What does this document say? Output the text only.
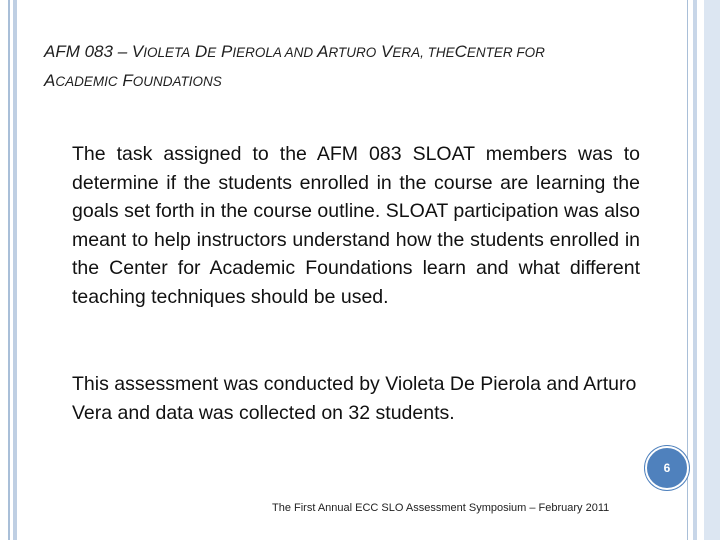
AFM 083 – VIOLETA DE PIEROLA AND ARTURO VERA, THECENTER FOR
ACADEMIC FOUNDATIONS

The task assigned to the AFM 083 SLOAT members was to determine if the students enrolled in the course are learning the goals set forth in the course outline. SLOAT participation was also meant to help instructors understand how the students enrolled in the Center for Academic Foundations learn and what different teaching techniques should be used.

This assessment was conducted by Violeta De Pierola and Arturo Vera and data was collected on 32 students.

6
The First Annual ECC SLO Assessment Symposium – February 2011
